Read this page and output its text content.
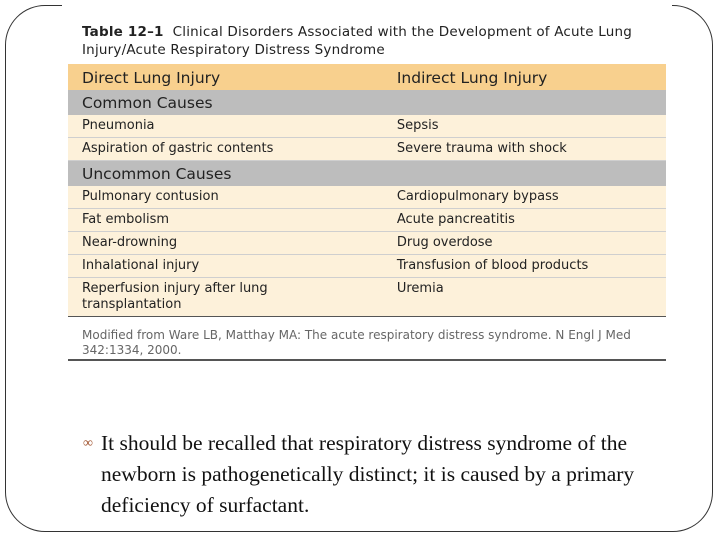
Table 12–1 Clinical Disorders Associated with the Development of Acute Lung Injury/Acute Respiratory Distress Syndrome
Direct Lung Injury	Indirect Lung Injury
Common Causes	
Pneumonia	Sepsis
Aspiration of gastric contents	Severe trauma with shock
Uncommon Causes	
Pulmonary contusion	Cardiopulmonary bypass
Fat embolism	Acute pancreatitis
Near-drowning	Drug overdose
Inhalational injury	Transfusion of blood products
Reperfusion injury after lung transplantation	Uremia
Modified from Ware LB, Matthay MA: The acute respiratory distress syndrome. N Engl J Med 342:1334, 2000.
∞ It should be recalled that respiratory distress syndrome of the newborn is pathogenetically distinct; it is caused by a primary deficiency of surfactant.
